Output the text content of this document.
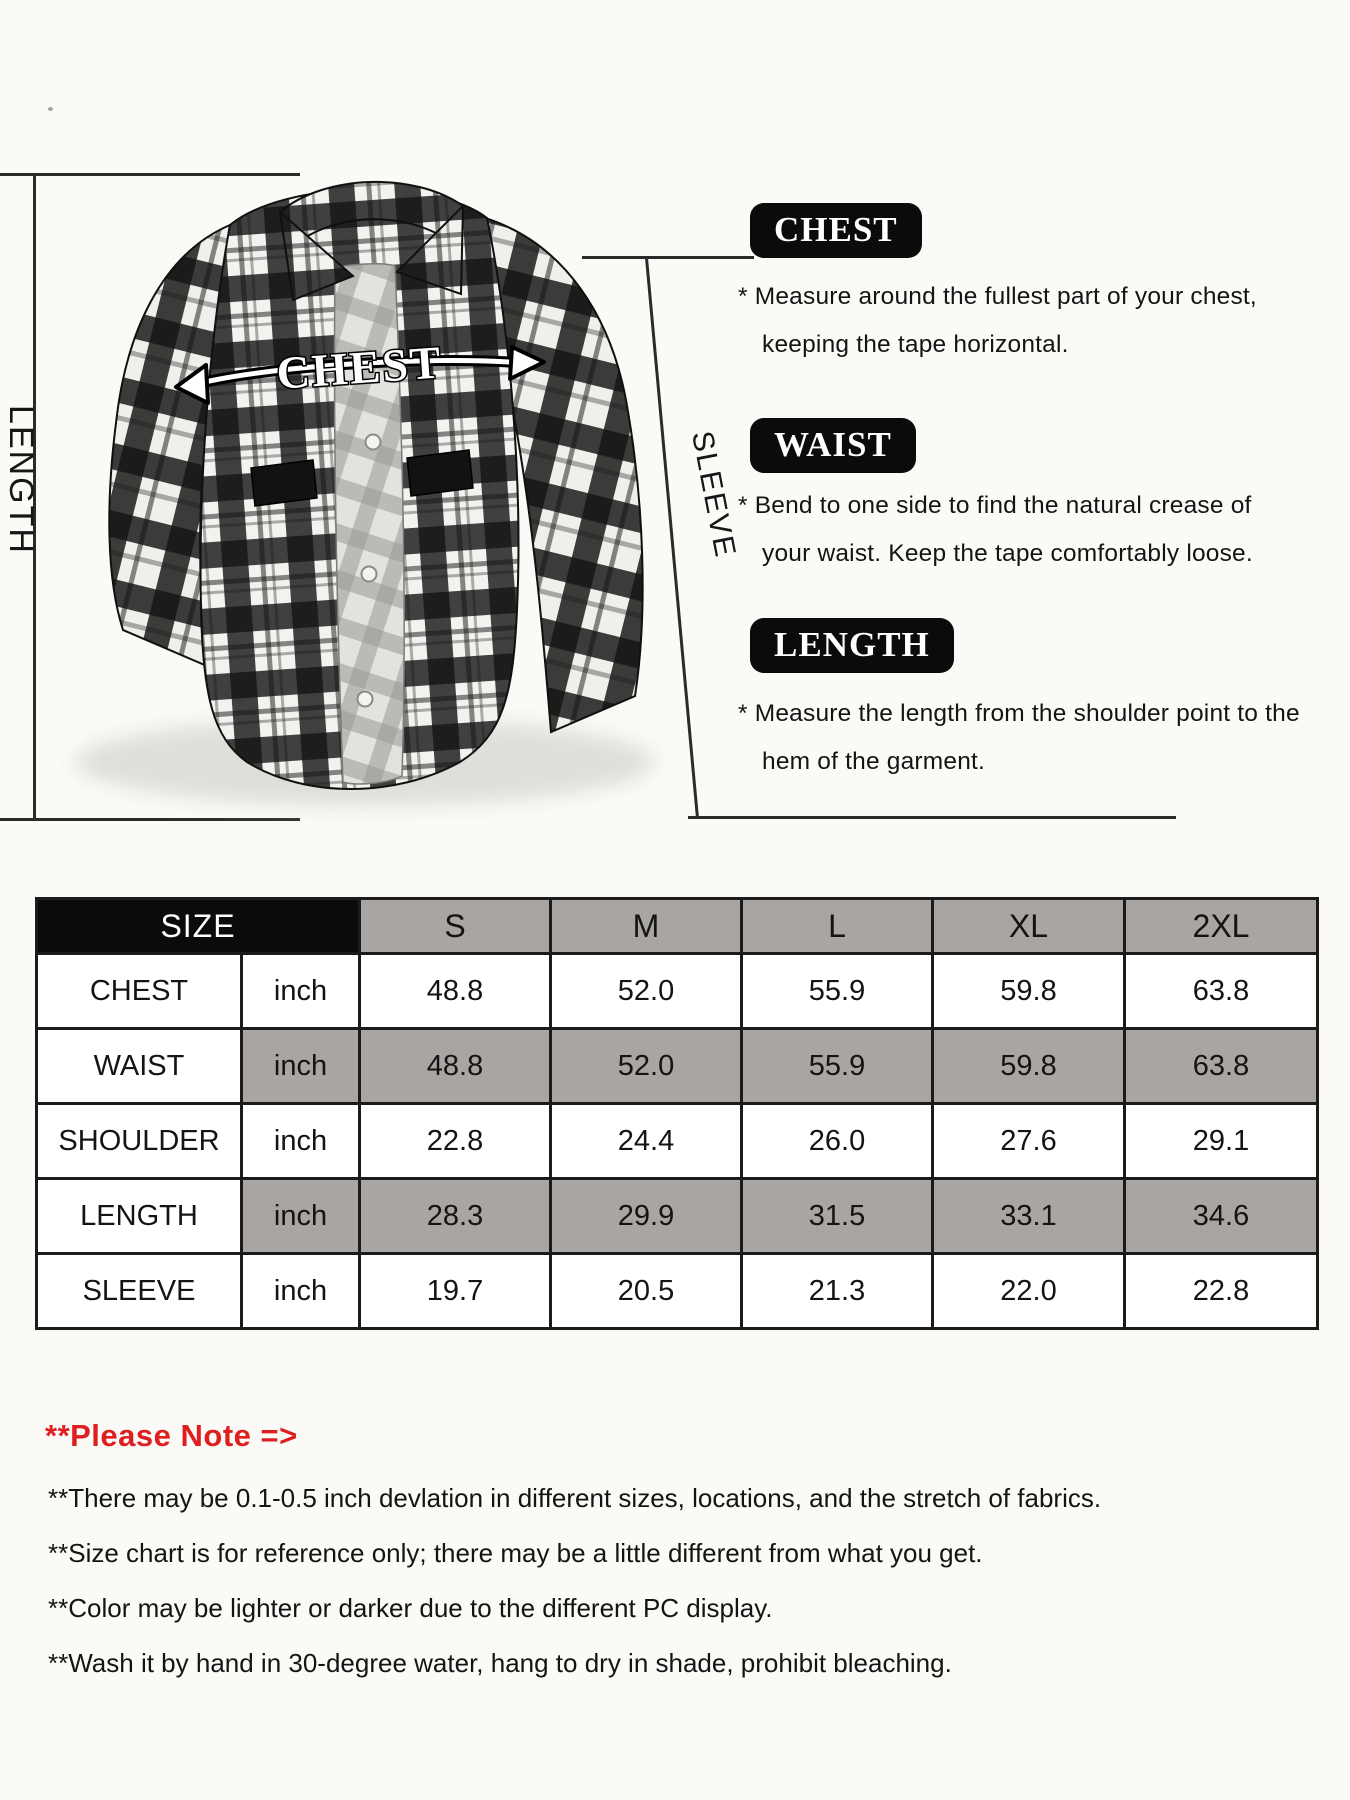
LENGTH	SLEEVE
CHEST
CHEST
* Measure around the fullest part of your chest,
keeping the tape horizontal.
WAIST
* Bend to one side to find the natural crease of
your waist. Keep the tape comfortably loose.
LENGTH
* Measure the length from the shoulder point to the
hem of the garment.
SIZE		S	M	L	XL	2XL
CHEST	inch	48.8	52.0	55.9	59.8	63.8
WAIST	inch	48.8	52.0	55.9	59.8	63.8
SHOULDER	inch	22.8	24.4	26.0	27.6	29.1
LENGTH	inch	28.3	29.9	31.5	33.1	34.6
SLEEVE	inch	19.7	20.5	21.3	22.0	22.8
**Please Note =>
**There may be 0.1-0.5 inch devlation in different sizes, locations, and the stretch of fabrics.
**Size chart is for reference only; there may be a little different from what you get.
**Color may be lighter or darker due to the different PC display.
**Wash it by hand in 30-degree water, hang to dry in shade, prohibit bleaching.
